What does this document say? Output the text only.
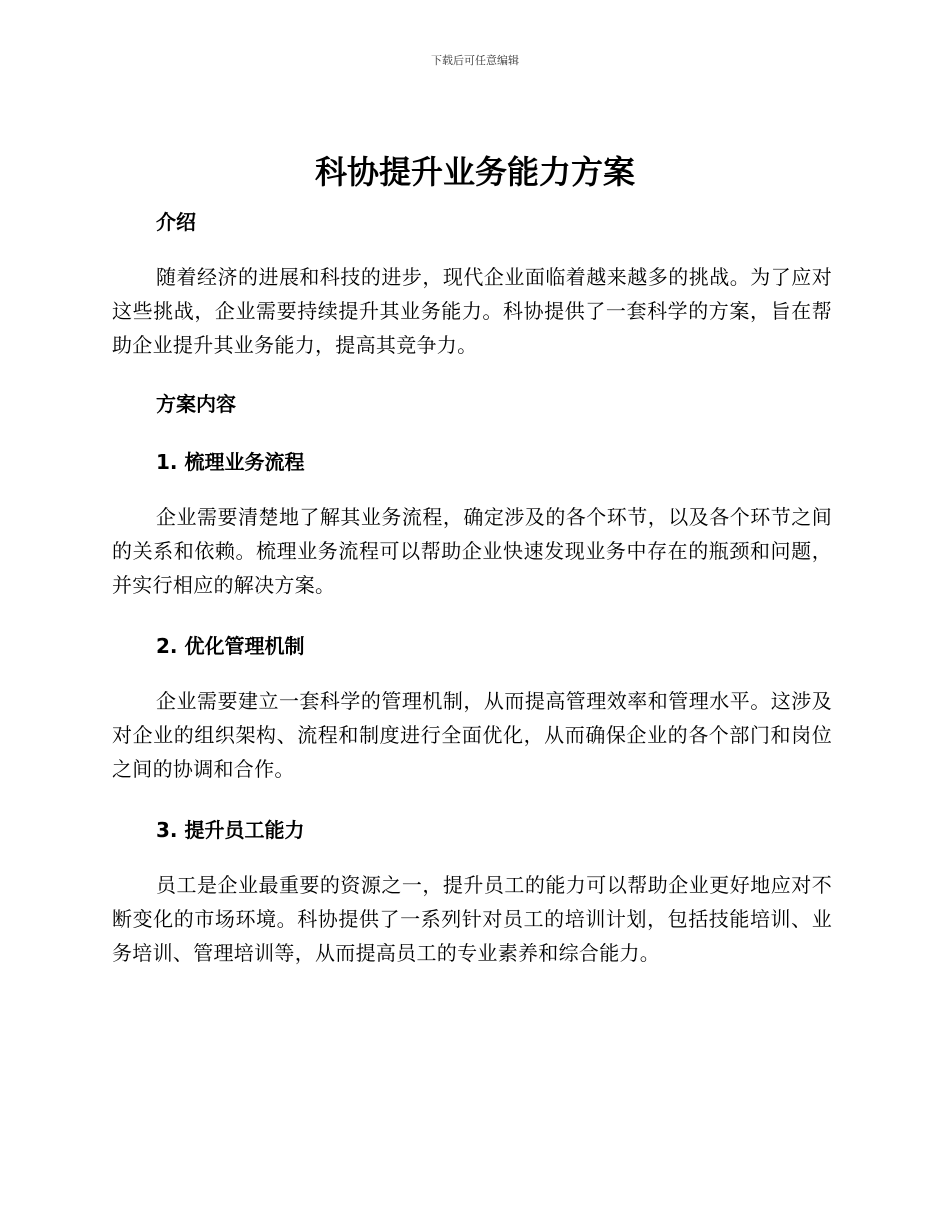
下载后可任意编辑
科协提升业务能力方案
介绍

随着经济的进展和科技的进步，现代企业面临着越来越多的挑战。为了应对这些挑战，企业需要持续提升其业务能力。科协提供了一套科学的方案，旨在帮助企业提升其业务能力，提高其竞争力。

方案内容
1. 梳理业务流程

企业需要清楚地了解其业务流程，确定涉及的各个环节，以及各个环节之间的关系和依赖。梳理业务流程可以帮助企业快速发现业务中存在的瓶颈和问题，并实行相应的解决方案。

2. 优化管理机制

企业需要建立一套科学的管理机制，从而提高管理效率和管理水平。这涉及对企业的组织架构、流程和制度进行全面优化，从而确保企业的各个部门和岗位之间的协调和合作。

3. 提升员工能力

员工是企业最重要的资源之一，提升员工的能力可以帮助企业更好地应对不断变化的市场环境。科协提供了一系列针对员工的培训计划，包括技能培训、业务培训、管理培训等，从而提高员工的专业素养和综合能力。
